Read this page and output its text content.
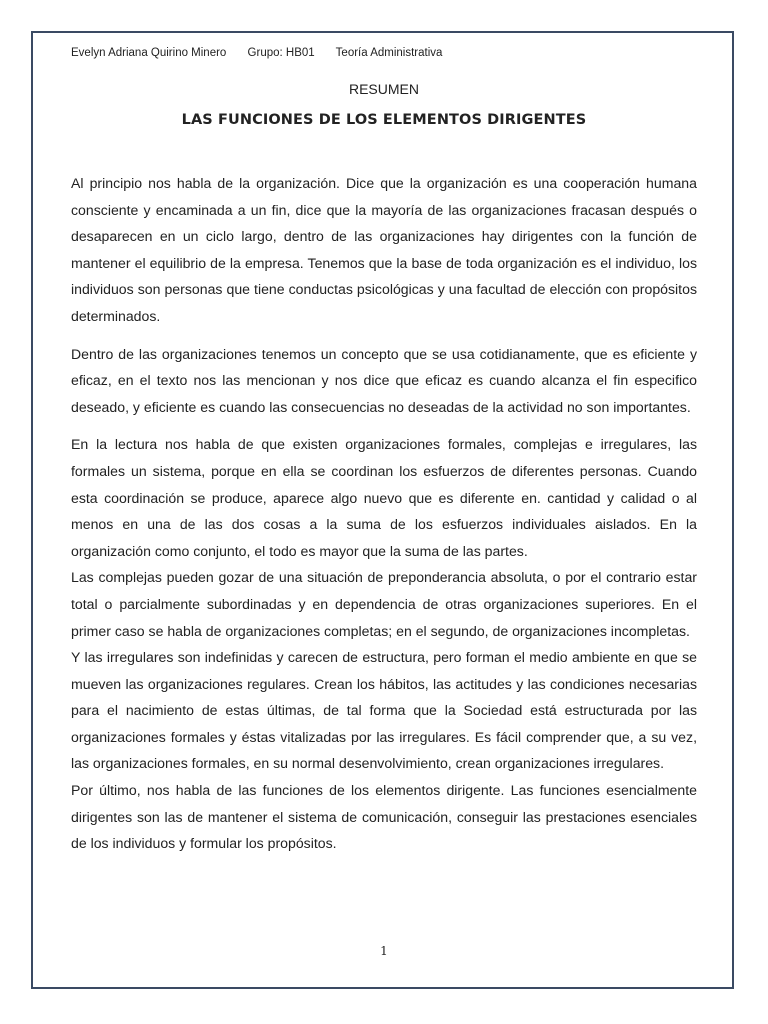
Evelyn Adriana Quirino Minero Grupo: HB01 Teoría Administrativa
RESUMEN
LAS FUNCIONES DE LOS ELEMENTOS DIRIGENTES

Al principio nos habla de la organización. Dice que la organización es una cooperación humana consciente y encaminada a un fin, dice que la mayoría de las organizaciones fracasan después o desaparecen en un ciclo largo, dentro de las organizaciones hay dirigentes con la función de mantener el equilibrio de la empresa. Tenemos que la base de toda organización es el individuo, los individuos son personas que tiene conductas psicológicas y una facultad de elección con propósitos determinados.

Dentro de las organizaciones tenemos un concepto que se usa cotidianamente, que es eficiente y eficaz, en el texto nos las mencionan y nos dice que eficaz es cuando alcanza el fin especifico deseado, y eficiente es cuando las consecuencias no deseadas de la actividad no son importantes.

En la lectura nos habla de que existen organizaciones formales, complejas e irregulares, las formales un sistema, porque en ella se coordinan los esfuerzos de diferentes personas. Cuando esta coordinación se produce, aparece algo nuevo que es diferente en. cantidad y calidad o al menos en una de las dos cosas a la suma de los esfuerzos individuales aislados. En la organización como conjunto, el todo es mayor que la suma de las partes.

Las complejas pueden gozar de una situación de preponderancia absoluta, o por el contrario estar total o parcialmente subordinadas y en dependencia de otras organizaciones superiores. En el primer caso se habla de organizaciones completas; en el segundo, de organizaciones incompletas.

Y las irregulares son indefinidas y carecen de estructura, pero forman el medio ambiente en que se mueven las organizaciones regulares. Crean los hábitos, las actitudes y las condiciones necesarias para el nacimiento de estas últimas, de tal forma que la Sociedad está estructurada por las organizaciones formales y éstas vitalizadas por las irregulares. Es fácil comprender que, a su vez, las organizaciones formales, en su normal desenvolvimiento, crean organizaciones irregulares.

Por último, nos habla de las funciones de los elementos dirigente. Las funciones esencialmente dirigentes son las de mantener el sistema de comunicación, conseguir las prestaciones esenciales de los individuos y formular los propósitos.

1
